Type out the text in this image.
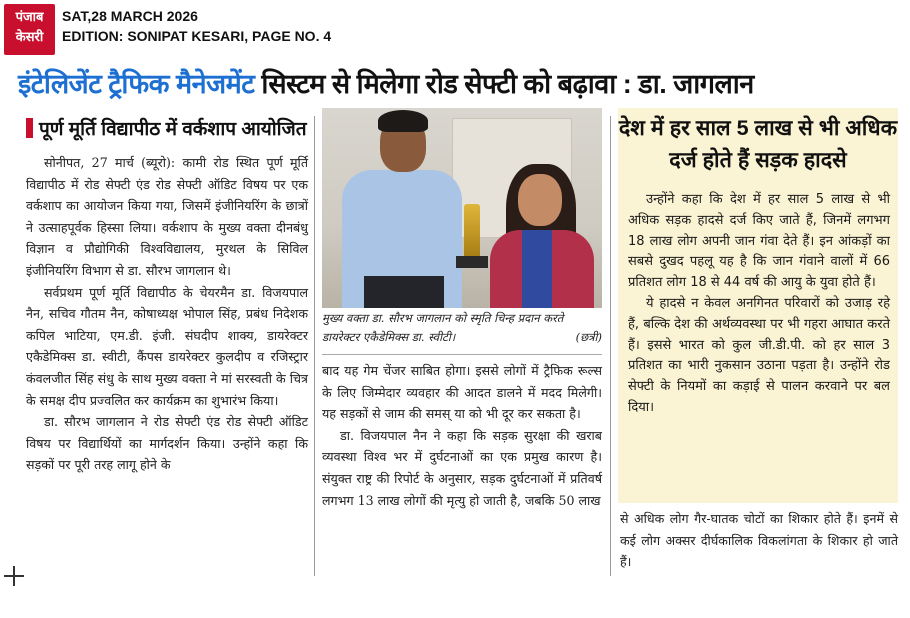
पंजाब
केसरी
SAT,28 MARCH 2026
EDITION: SONIPAT KESARI, PAGE NO. 4
इंटेलिजेंट ट्रैफिक मैनेजमेंट सिस्टम से मिलेगा रोड सेफ्टी को बढ़ावा : डा. जागलान
पूर्ण मूर्ति विद्यापीठ में वर्कशाप आयोजित

सोनीपत, 27 मार्च (ब्यूरो): कामी रोड स्थित पूर्ण मूर्ति विद्यापीठ में रोड सेफ्टी एंड रोड सेफ्टी ऑडिट विषय पर एक वर्कशाप का आयोजन किया गया, जिसमें इंजीनियरिंग के छात्रों ने उत्साहपूर्वक हिस्सा लिया। वर्कशाप के मुख्य वक्ता दीनबंधु विज्ञान व प्रौद्योगिकी विश्वविद्यालय, मुरथल के सिविल इंजीनियरिंग विभाग से डा. सौरभ जागलान थे।

सर्वप्रथम पूर्ण मूर्ति विद्यापीठ के चेयरमैन डा. विजयपाल नैन, सचिव गौतम नैन, कोषाध्यक्ष भोपाल सिंह, प्रबंध निदेशक कपिल भाटिया, एम.डी. इंजी. संघदीप शाक्य, डायरेक्टर एकैडेमिक्स डा. स्वीटी, कैंपस डायरेक्टर कुलदीप व रजिस्ट्रार कंवलजीत सिंह संधु के साथ मुख्य वक्ता ने मां सरस्वती के चित्र के समक्ष दीप प्रज्वलित कर कार्यक्रम का शुभारंभ किया।

डा. सौरभ जागलान ने रोड सेफ्टी एंड रोड सेफ्टी ऑडिट विषय पर विद्यार्थियों का मार्गदर्शन किया। उन्होंने कहा कि सड़कों पर पूरी तरह लागू होने के

मुख्य वक्ता डा. सौरभ जागलान को स्मृति चिन्ह प्रदान करते डायरेक्टर एकैडेमिक्स डा. स्वीटी।	(छत्री)

बाद यह गेम चेंजर साबित होगा। इससे लोगों में ट्रैफिक रूल्स के लिए जिम्मेदार व्यवहार की आदत डालने में मदद मिलेगी। यह सड़कों से जाम की समस् या को भी दूर कर सकता है।

डा. विजयपाल नैन ने कहा कि सड़क सुरक्षा की खराब व्यवस्था विश्व भर में दुर्घटनाओं का एक प्रमुख कारण है। संयुक्त राष्ट्र की रिपोर्ट के अनुसार, सड़क दुर्घटनाओं में प्रतिवर्ष लगभग 13 लाख लोगों की मृत्यु हो जाती है, जबकि 50 लाख

देश में हर साल 5 लाख से भी अधिक दर्ज होते हैं सड़क हादसे

उन्होंने कहा कि देश में हर साल 5 लाख से भी अधिक सड़क हादसे दर्ज किए जाते हैं, जिनमें लगभग 18 लाख लोग अपनी जान गंवा देते हैं। इन आंकड़ों का सबसे दुखद पहलू यह है कि जान गंवाने वालों में 66 प्रतिशत लोग 18 से 44 वर्ष की आयु के युवा होते हैं।

ये हादसे न केवल अनगिनत परिवारों को उजाड़ रहे हैं, बल्कि देश की अर्थव्यवस्था पर भी गहरा आघात करते हैं। इससे भारत को कुल जी.डी.पी. को हर साल 3 प्रतिशत का भारी नुकसान उठाना पड़ता है। उन्होंने रोड सेफ्टी के नियमों का कड़ाई से पालन करवाने पर बल दिया।

से अधिक लोग गैर-घातक चोटों का शिकार होते हैं। इनमें से कई लोग अक्सर दीर्घकालिक विकलांगता के शिकार हो जाते हैं।
